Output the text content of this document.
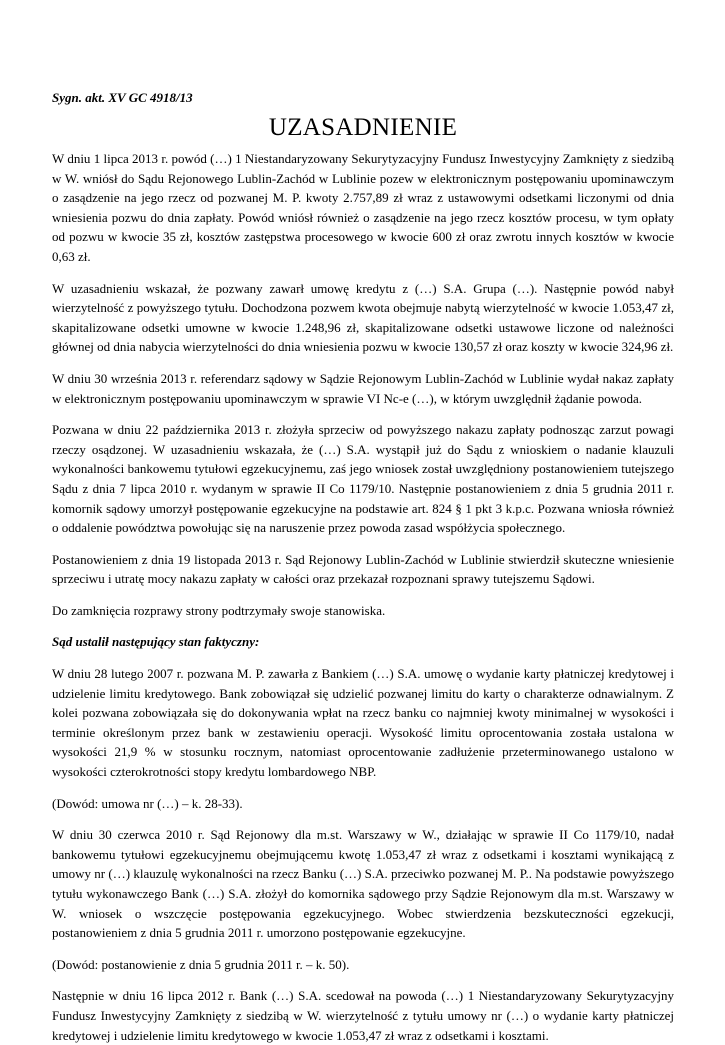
Sygn. akt. XV GC 4918/13
UZASADNIENIE

W dniu 1 lipca 2013 r. powód (…) 1 Niestandaryzowany Sekurytyzacyjny Fundusz Inwestycyjny Zamknięty z siedzibą w W. wniósł do Sądu Rejonowego Lublin-Zachód w Lublinie pozew w elektronicznym postępowaniu upominawczym o zasądzenie na jego rzecz od pozwanej M. P. kwoty 2.757,89 zł wraz z ustawowymi odsetkami liczonymi od dnia wniesienia pozwu do dnia zapłaty. Powód wniósł również o zasądzenie na jego rzecz kosztów procesu, w tym opłaty od pozwu w kwocie 35 zł, kosztów zastępstwa procesowego w kwocie 600 zł oraz zwrotu innych kosztów w kwocie 0,63 zł.

W uzasadnieniu wskazał, że pozwany zawarł umowę kredytu z (…) S.A. Grupa (…). Następnie powód nabył wierzytelność z powyższego tytułu. Dochodzona pozwem kwota obejmuje nabytą wierzytelność w kwocie 1.053,47 zł, skapitalizowane odsetki umowne w kwocie 1.248,96 zł, skapitalizowane odsetki ustawowe liczone od należności głównej od dnia nabycia wierzytelności do dnia wniesienia pozwu w kwocie 130,57 zł oraz koszty w kwocie 324,96 zł.

W dniu 30 września 2013 r. referendarz sądowy w Sądzie Rejonowym Lublin-Zachód w Lublinie wydał nakaz zapłaty w elektronicznym postępowaniu upominawczym w sprawie VI Nc-e (…), w którym uwzględnił żądanie powoda.

Pozwana w dniu 22 października 2013 r. złożyła sprzeciw od powyższego nakazu zapłaty podnosząc zarzut powagi rzeczy osądzonej. W uzasadnieniu wskazała, że (…) S.A. wystąpił już do Sądu z wnioskiem o nadanie klauzuli wykonalności bankowemu tytułowi egzekucyjnemu, zaś jego wniosek został uwzględniony postanowieniem tutejszego Sądu z dnia 7 lipca 2010 r. wydanym w sprawie II Co 1179/10. Następnie postanowieniem z dnia 5 grudnia 2011 r. komornik sądowy umorzył postępowanie egzekucyjne na podstawie art. 824 § 1 pkt 3 k.p.c. Pozwana wniosła również o oddalenie powództwa powołując się na naruszenie przez powoda zasad współżycia społecznego.

Postanowieniem z dnia 19 listopada 2013 r. Sąd Rejonowy Lublin-Zachód w Lublinie stwierdził skuteczne wniesienie sprzeciwu i utratę mocy nakazu zapłaty w całości oraz przekazał rozpoznani sprawy tutejszemu Sądowi.

Do zamknięcia rozprawy strony podtrzymały swoje stanowiska.

Sąd ustalił następujący stan faktyczny:

W dniu 28 lutego 2007 r. pozwana M. P. zawarła z Bankiem (…) S.A. umowę o wydanie karty płatniczej kredytowej i udzielenie limitu kredytowego. Bank zobowiązał się udzielić pozwanej limitu do karty o charakterze odnawialnym. Z kolei pozwana zobowiązała się do dokonywania wpłat na rzecz banku co najmniej kwoty minimalnej w wysokości i terminie określonym przez bank w zestawieniu operacji. Wysokość limitu oprocentowania została ustalona w wysokości 21,9 % w stosunku rocznym, natomiast oprocentowanie zadłużenie przeterminowanego ustalono w wysokości czterokrotności stopy kredytu lombardowego NBP.

(Dowód: umowa nr (…) – k. 28-33).

W dniu 30 czerwca 2010 r. Sąd Rejonowy dla m.st. Warszawy w W., działając w sprawie II Co 1179/10, nadał bankowemu tytułowi egzekucyjnemu obejmującemu kwotę 1.053,47 zł wraz z odsetkami i kosztami wynikającą z umowy nr (…) klauzulę wykonalności na rzecz Banku (…) S.A. przeciwko pozwanej M. P.. Na podstawie powyższego tytułu wykonawczego Bank (…) S.A. złożył do komornika sądowego przy Sądzie Rejonowym dla m.st. Warszawy w W. wniosek o wszczęcie postępowania egzekucyjnego. Wobec stwierdzenia bezskuteczności egzekucji, postanowieniem z dnia 5 grudnia 2011 r. umorzono postępowanie egzekucyjne.

(Dowód: postanowienie z dnia 5 grudnia 2011 r. – k. 50).

Następnie w dniu 16 lipca 2012 r. Bank (…) S.A. scedował na powoda (…) 1 Niestandaryzowany Sekurytyzacyjny Fundusz Inwestycyjny Zamknięty z siedzibą w W. wierzytelność z tytułu umowy nr (…) o wydanie karty płatniczej kredytowej i udzielenie limitu kredytowego w kwocie 1.053,47 zł wraz z odsetkami i kosztami.
